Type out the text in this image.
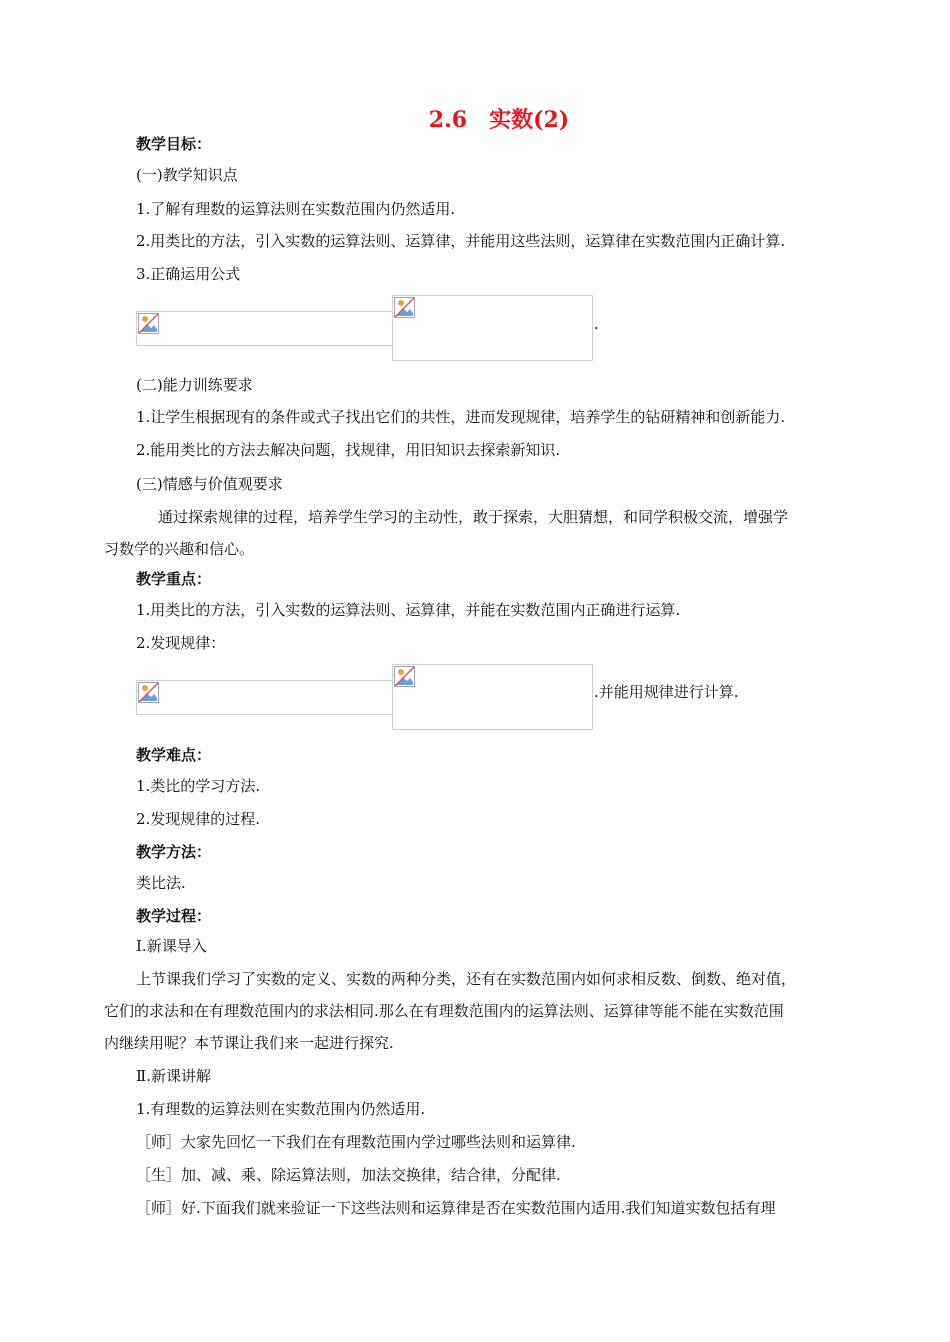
2.6　实数(2)
教学目标：
(一)教学知识点
1.了解有理数的运算法则在实数范围内仍然适用.
2.用类比的方法，引入实数的运算法则、运算律，并能用这些法则，运算律在实数范围内正确计算.
3.正确运用公式
.
(二)能力训练要求
1.让学生根据现有的条件或式子找出它们的共性，进而发现规律，培养学生的钻研精神和创新能力.
2.能用类比的方法去解决问题，找规律，用旧知识去探索新知识.
(三)情感与价值观要求
通过探索规律的过程，培养学生学习的主动性，敢于探索，大胆猜想，和同学积极交流，增强学
习数学的兴趣和信心。
教学重点：
1.用类比的方法，引入实数的运算法则、运算律，并能在实数范围内正确进行运算.
2.发现规律：
.并能用规律进行计算.
教学难点：
1.类比的学习方法.
2.发现规律的过程.
教学方法：
类比法.
教学过程：
Ⅰ.新课导入
上节课我们学习了实数的定义、实数的两种分类，还有在实数范围内如何求相反数、倒数、绝对值，
它们的求法和在有理数范围内的求法相同.那么在有理数范围内的运算法则、运算律等能不能在实数范围
内继续用呢？本节课让我们来一起进行探究.
Ⅱ.新课讲解
1.有理数的运算法则在实数范围内仍然适用.
［师］大家先回忆一下我们在有理数范围内学过哪些法则和运算律.
［生］加、减、乘、除运算法则，加法交换律，结合律，分配律.
［师］好.下面我们就来验证一下这些法则和运算律是否在实数范围内适用.我们知道实数包括有理
